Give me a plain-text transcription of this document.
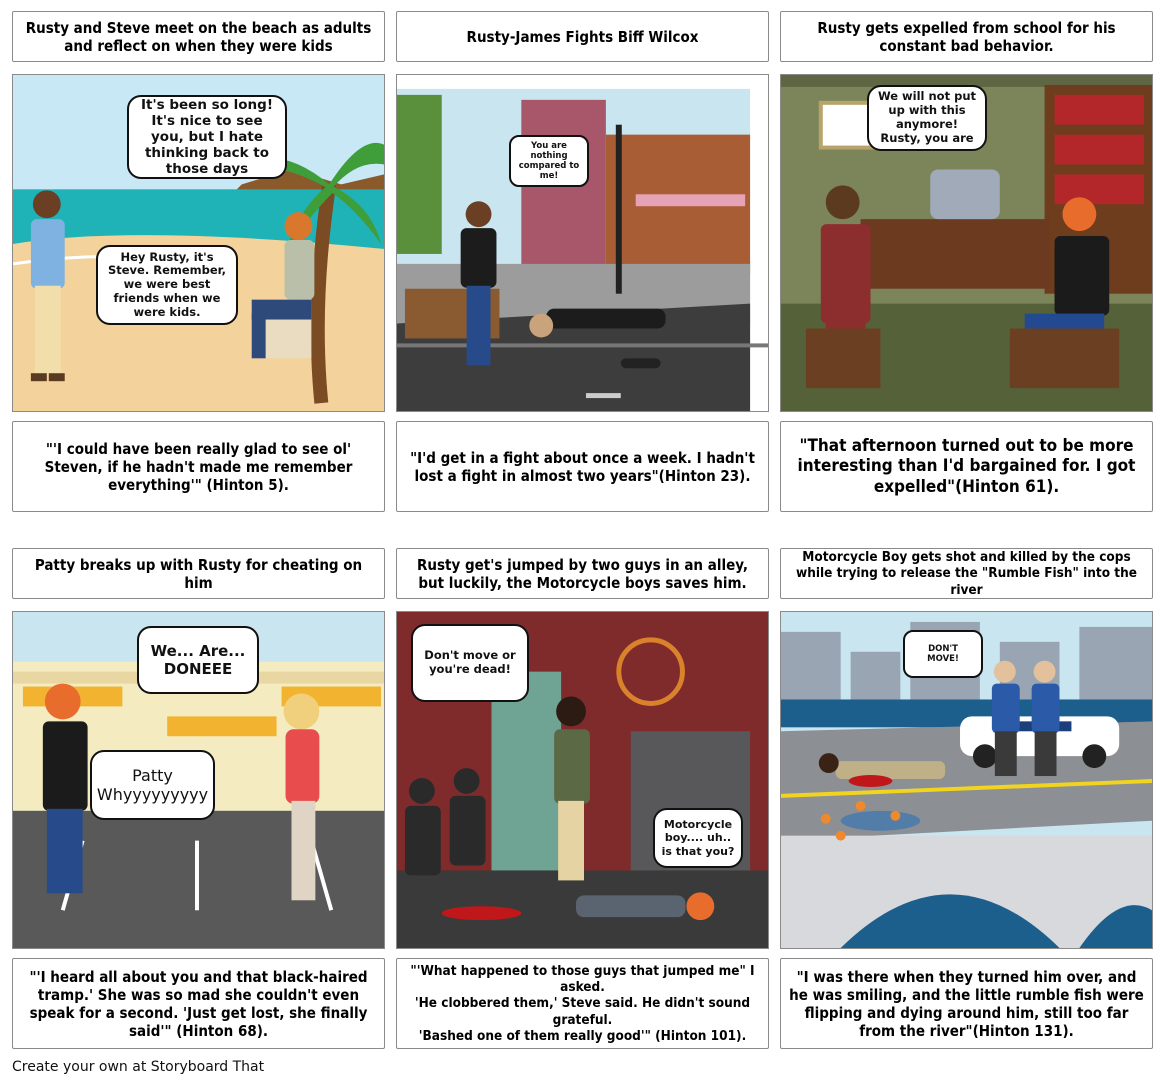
Rusty and Steve meet on the beach as adults and reflect on when they were kids
It's been so long! It's nice to see you, but I hate thinking back to those days
Hey Rusty, it's Steve. Remember, we were best friends when we were kids.
"'I could have been really glad to see ol' Steven, if he hadn't made me remember everything'" (Hinton 5).
Rusty-James Fights Biff Wilcox
You are nothing compared to me!
"I'd get in a fight about once a week. I hadn't lost a fight in almost two years"(Hinton 23).
Rusty gets expelled from school for his constant bad behavior.
We will not put up with this anymore! Rusty, you are
"That afternoon turned out to be more interesting than I'd bargained for. I got expelled"(Hinton 61).
Patty breaks up with Rusty for cheating on him
We... Are... DONEEE
Patty Whyyyyyyyyy
"'I heard all about you and that black-haired tramp.' She was so mad she couldn't even speak for a second. 'Just get lost, she finally said'" (Hinton 68).
Rusty get's jumped by two guys in an alley, but luckily, the Motorcycle boys saves him.
Don't move or you're dead!
Motorcycle boy.... uh.. is that you?
"'What happened to those guys that jumped me" I asked.
'He clobbered them,' Steve said. He didn't sound grateful.
'Bashed one of them really good'" (Hinton 101).
Motorcycle Boy gets shot and killed by the cops while trying to release the "Rumble Fish" into the river
DON'T MOVE!
"I was there when they turned him over, and he was smiling, and the little rumble fish were flipping and dying around him, still too far from the river"(Hinton 131).
Create your own at Storyboard That
